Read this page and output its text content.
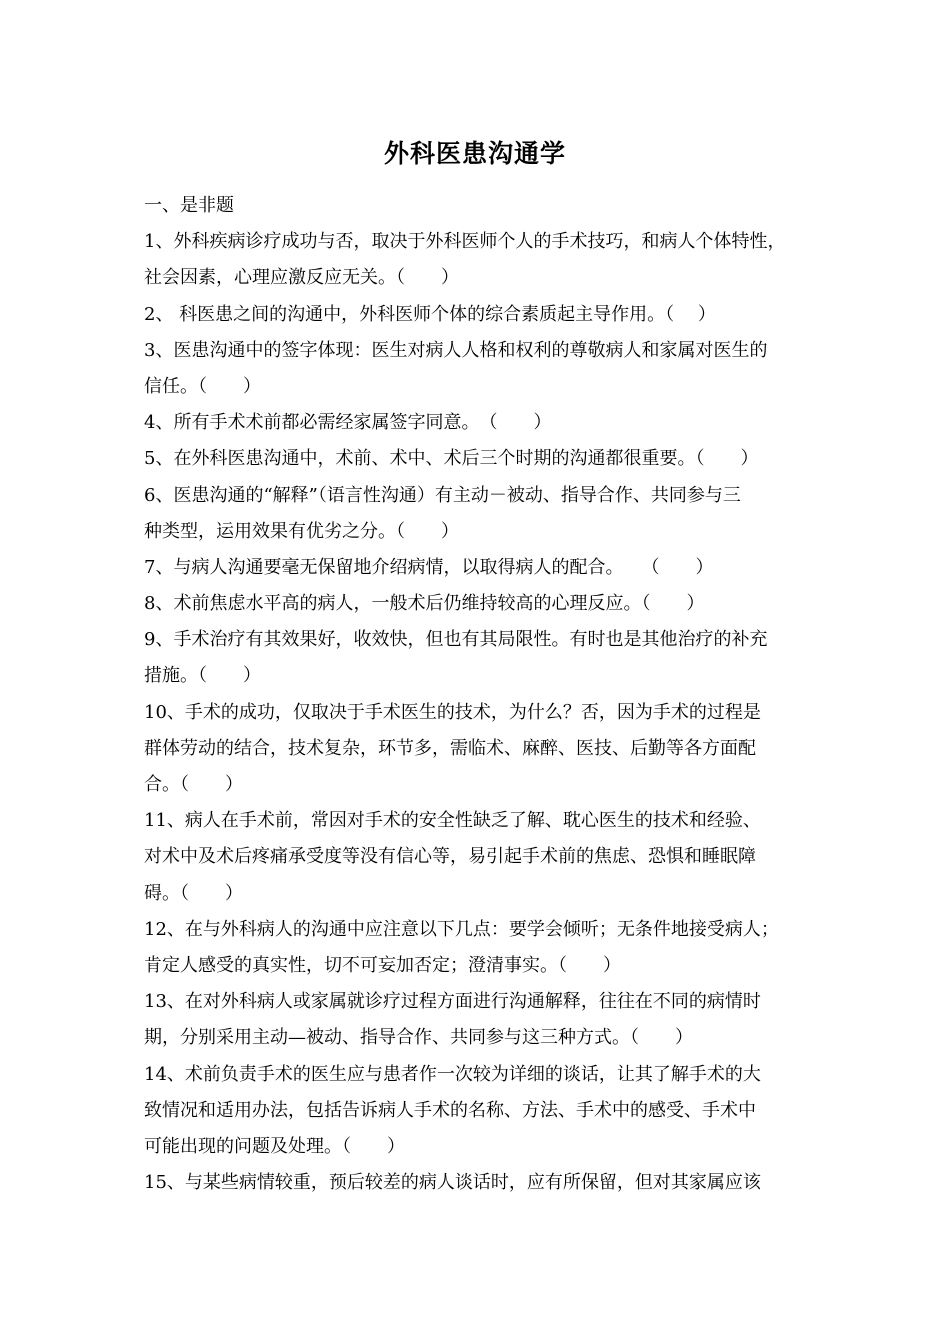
外科医患沟通学
一、是非题
1、外科疾病诊疗成功与否，取决于外科医师个人的手术技巧，和病人个体特性，
社会因素，心理应激反应无关。（　　）
2、 科医患之间的沟通中，外科医师个体的综合素质起主导作用。（　 ）
3、医患沟通中的签字体现：医生对病人人格和权利的尊敬病人和家属对医生的
信任。（　　）
4、所有手术术前都必需经家属签字同意。　（　　）
5、在外科医患沟通中，术前、术中、术后三个时期的沟通都很重要。（　　）
6、医患沟通的“解释”（语言性沟通）有主动－被动、指导合作、共同参与三
种类型，运用效果有优劣之分。（　　）
7、与病人沟通要毫无保留地介绍病情，以取得病人的配合。　　（　　）
8、术前焦虑水平高的病人，一般术后仍维持较高的心理反应。（　　）
9、手术治疗有其效果好，收效快，但也有其局限性。有时也是其他治疗的补充
措施。（　　）
10、手术的成功，仅取决于手术医生的技术，为什么？否，因为手术的过程是
群体劳动的结合，技术复杂，环节多，需临术、麻醉、医技、后勤等各方面配
合。（　　）
11、病人在手术前，常因对手术的安全性缺乏了解、耽心医生的技术和经验、
对术中及术后疼痛承受度等没有信心等，易引起手术前的焦虑、恐惧和睡眠障
碍。（　　）
12、在与外科病人的沟通中应注意以下几点：要学会倾听；无条件地接受病人；
肯定人感受的真实性，切不可妄加否定；澄清事实。（　　）
13、在对外科病人或家属就诊疗过程方面进行沟通解释，往往在不同的病情时
期，分别采用主动—被动、指导合作、共同参与这三种方式。（　　）
14、术前负责手术的医生应与患者作一次较为详细的谈话，让其了解手术的大
致情况和适用办法，包括告诉病人手术的名称、方法、手术中的感受、手术中
可能出现的问题及处理。（　　）
15、与某些病情较重，预后较差的病人谈话时，应有所保留，但对其家属应该
